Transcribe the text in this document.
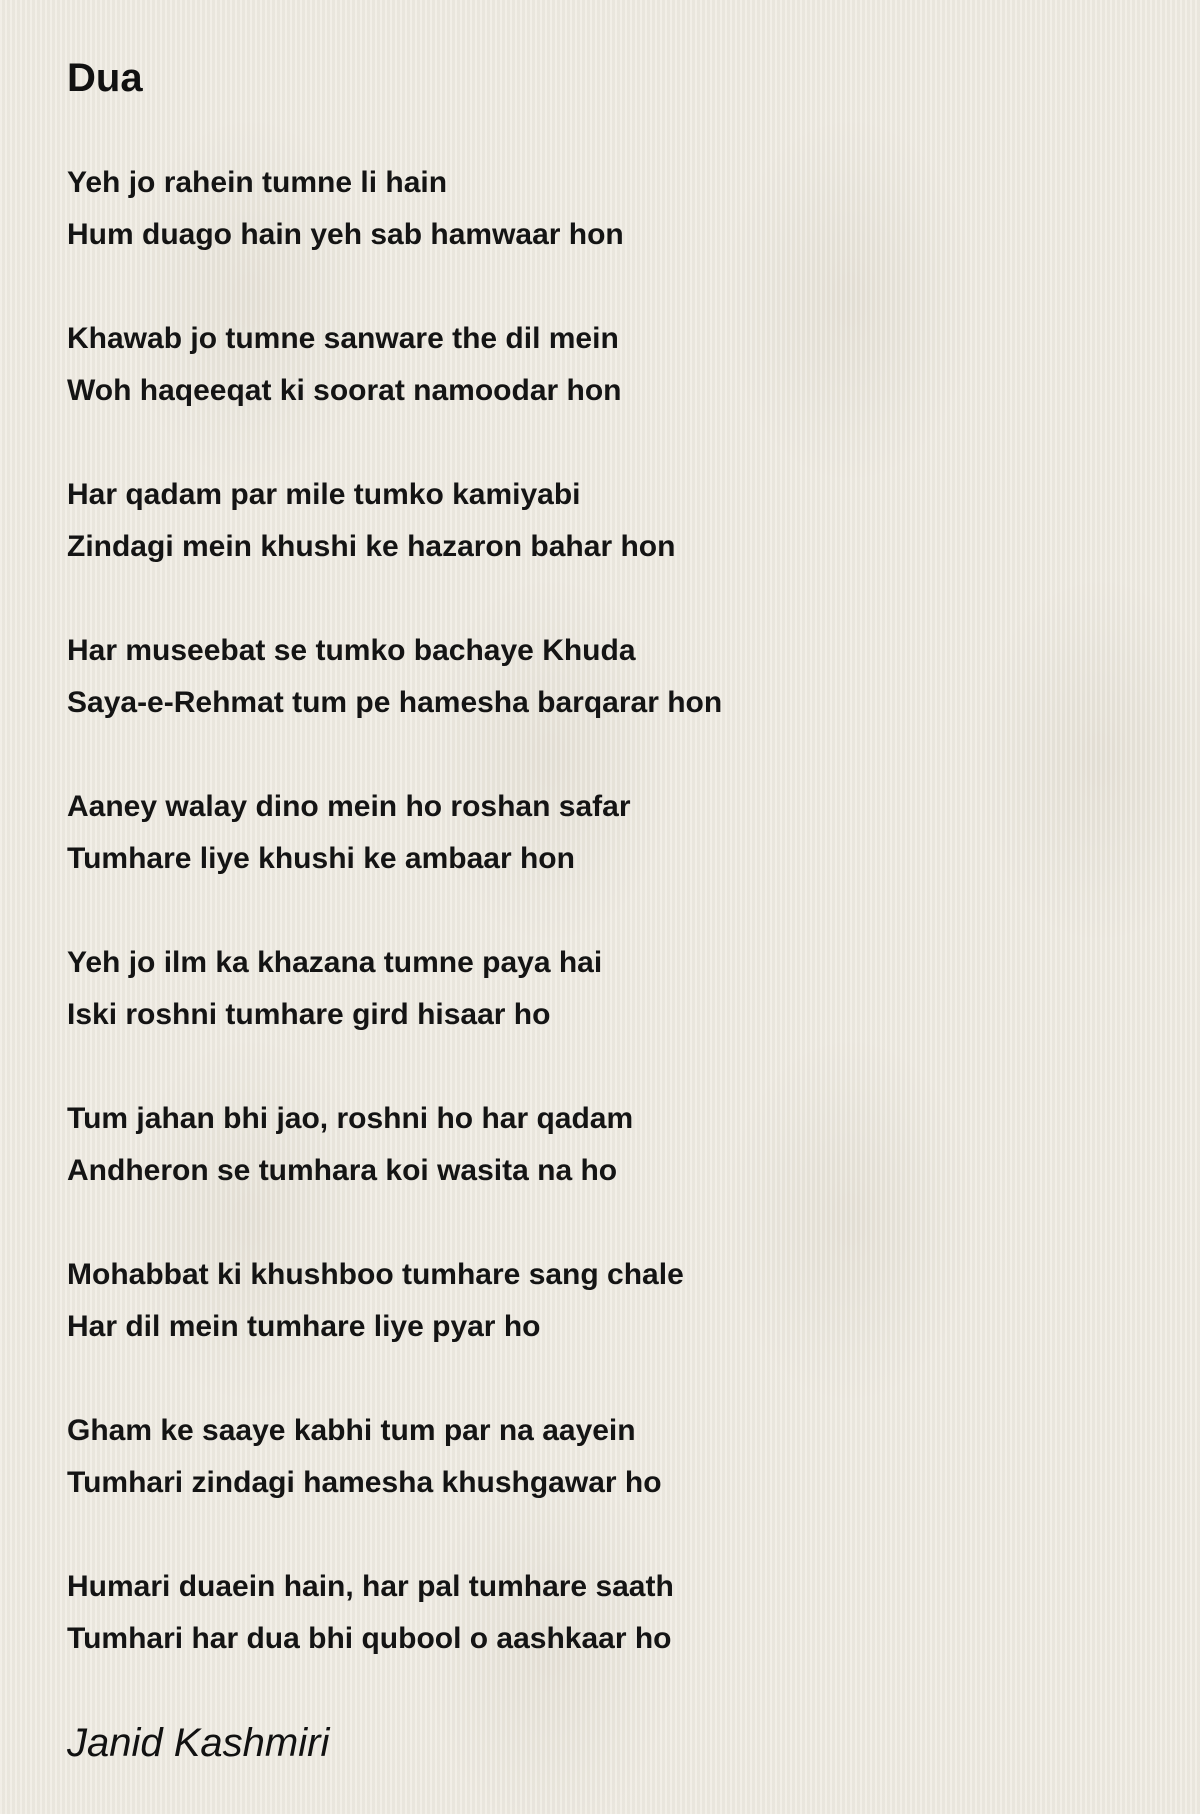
Dua
Yeh jo rahein tumne li hain
Hum duago hain yeh sab hamwaar hon
Khawab jo tumne sanware the dil mein
Woh haqeeqat ki soorat namoodar hon
Har qadam par mile tumko kamiyabi
Zindagi mein khushi ke hazaron bahar hon
Har museebat se tumko bachaye Khuda
Saya-e-Rehmat tum pe hamesha barqarar hon
Aaney walay dino mein ho roshan safar
Tumhare liye khushi ke ambaar hon
Yeh jo ilm ka khazana tumne paya hai
Iski roshni tumhare gird hisaar ho
Tum jahan bhi jao, roshni ho har qadam
Andheron se tumhara koi wasita na ho
Mohabbat ki khushboo tumhare sang chale
Har dil mein tumhare liye pyar ho
Gham ke saaye kabhi tum par na aayein
Tumhari zindagi hamesha khushgawar ho
Humari duaein hain, har pal tumhare saath
Tumhari har dua bhi qubool o aashkaar ho
Janid Kashmiri
